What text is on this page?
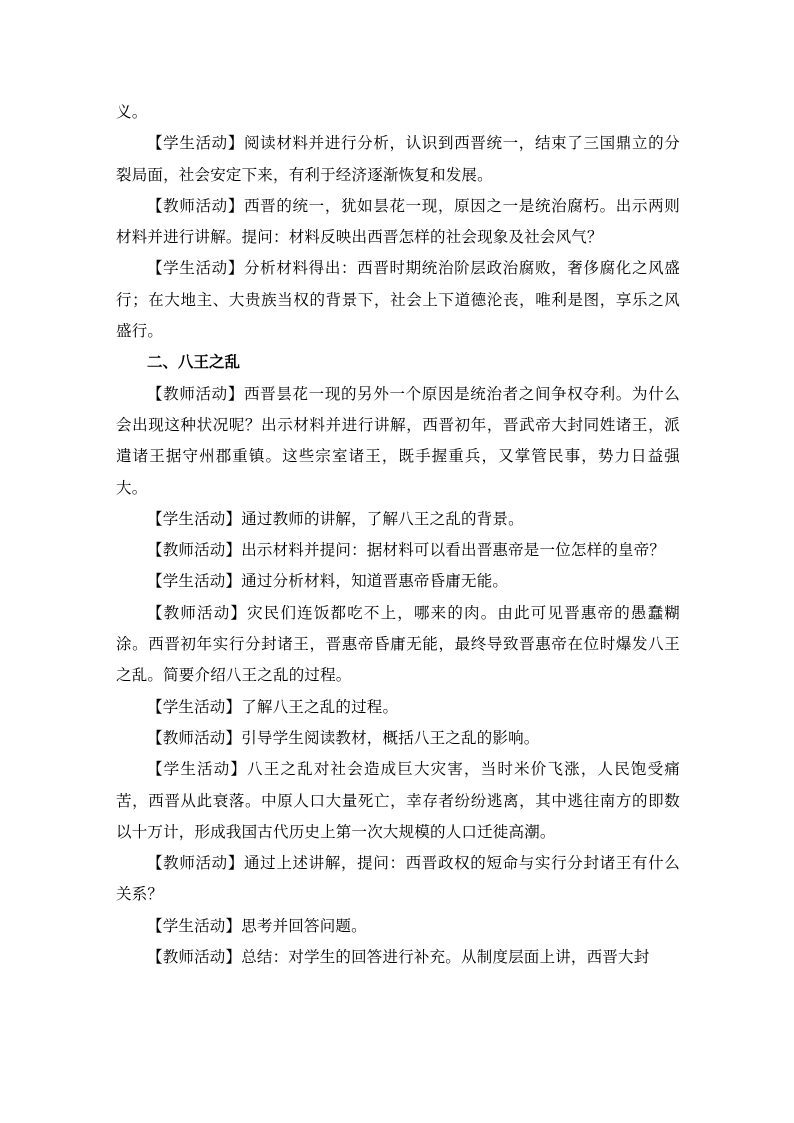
义。

【学生活动】阅读材料并进行分析，认识到西晋统一，结束了三国鼎立的分裂局面，社会安定下来，有利于经济逐渐恢复和发展。

【教师活动】西晋的统一，犹如昙花一现，原因之一是统治腐朽。出示两则材料并进行讲解。提问：材料反映出西晋怎样的社会现象及社会风气？

【学生活动】分析材料得出：西晋时期统治阶层政治腐败，奢侈腐化之风盛行；在大地主、大贵族当权的背景下，社会上下道德沦丧，唯利是图，享乐之风盛行。

二、八王之乱

【教师活动】西晋昙花一现的另外一个原因是统治者之间争权夺利。为什么会出现这种状况呢？出示材料并进行讲解，西晋初年，晋武帝大封同姓诸王，派遣诸王据守州郡重镇。这些宗室诸王，既手握重兵，又掌管民事，势力日益强大。

【学生活动】通过教师的讲解，了解八王之乱的背景。

【教师活动】出示材料并提问：据材料可以看出晋惠帝是一位怎样的皇帝？

【学生活动】通过分析材料，知道晋惠帝昏庸无能。

【教师活动】灾民们连饭都吃不上，哪来的肉。由此可见晋惠帝的愚蠢糊涂。西晋初年实行分封诸王，晋惠帝昏庸无能，最终导致晋惠帝在位时爆发八王之乱。简要介绍八王之乱的过程。

【学生活动】了解八王之乱的过程。

【教师活动】引导学生阅读教材，概括八王之乱的影响。

【学生活动】八王之乱对社会造成巨大灾害，当时米价飞涨，人民饱受痛苦，西晋从此衰落。中原人口大量死亡，幸存者纷纷逃离，其中逃往南方的即数以十万计，形成我国古代历史上第一次大规模的人口迁徙高潮。

【教师活动】通过上述讲解，提问：西晋政权的短命与实行分封诸王有什么关系？

【学生活动】思考并回答问题。

【教师活动】总结：对学生的回答进行补充。从制度层面上讲，西晋大封
